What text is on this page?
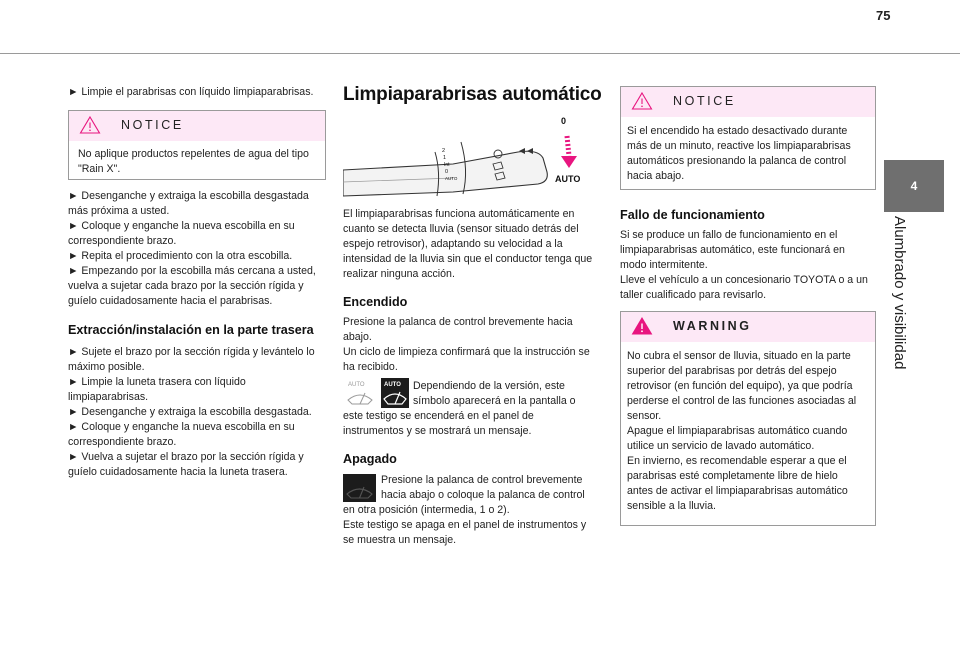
75
4
Alumbrado y visibilidad
► Limpie el parabrisas con líquido limpiaparabrisas.
NOTICE
No aplique productos repelentes de agua del tipo
"Rain X".
► Desenganche y extraiga la escobilla desgastada
más próxima a usted.
► Coloque y enganche la nueva escobilla en su
correspondiente brazo.
► Repita el procedimiento con la otra escobilla.
► Empezando por la escobilla más cercana a usted,
vuelva a sujetar cada brazo por la sección rígida y
guíelo cuidadosamente hacia el parabrisas.
Extracción/instalación en la parte trasera
► Sujete el brazo por la sección rígida y levántelo lo
máximo posible.
► Limpie la luneta trasera con líquido
limpiaparabrisas.
► Desenganche y extraiga la escobilla desgastada.
► Coloque y enganche la nueva escobilla en su
correspondiente brazo.
► Vuelva a sujetar el brazo por la sección rígida y
guíelo cuidadosamente hacia la luneta trasera.
Limpiaparabrisas automático
0
AUTO
2
1
Int
0
AUTO
El limpiaparabrisas funciona automáticamente en
cuanto se detecta lluvia (sensor situado detrás del
espejo retrovisor), adaptando su velocidad a la
intensidad de la lluvia sin que el conductor tenga que
realizar ninguna acción.
Encendido
Presione la palanca de control brevemente hacia
abajo.
Un ciclo de limpieza confirmará que la instrucción se
ha recibido.
AUTO	AUTO Dependiendo de la versión, este
símbolo aparecerá en la pantalla o
este testigo se encenderá en el panel de
instrumentos y se mostrará un mensaje.
Apagado
Presione la palanca de control brevemente
hacia abajo o coloque la palanca de control
en otra posición (intermedia, 1 o 2).
Este testigo se apaga en el panel de instrumentos y
se muestra un mensaje.
NOTICE
Si el encendido ha estado desactivado durante
más de un minuto, reactive los limpiaparabrisas
automáticos presionando la palanca de control
hacia abajo.
Fallo de funcionamiento
Si se produce un fallo de funcionamiento en el
limpiaparabrisas automático, este funcionará en
modo intermitente.
Lleve el vehículo a un concesionario TOYOTA o a un
taller cualificado para revisarlo.
WARNING
No cubra el sensor de lluvia, situado en la parte
superior del parabrisas por detrás del espejo
retrovisor (en función del equipo), ya que podría
perderse el control de las funciones asociadas al
sensor.
Apague el limpiaparabrisas automático cuando
utilice un servicio de lavado automático.
En invierno, es recomendable esperar a que el
parabrisas esté completamente libre de hielo
antes de activar el limpiaparabrisas automático
sensible a la lluvia.
